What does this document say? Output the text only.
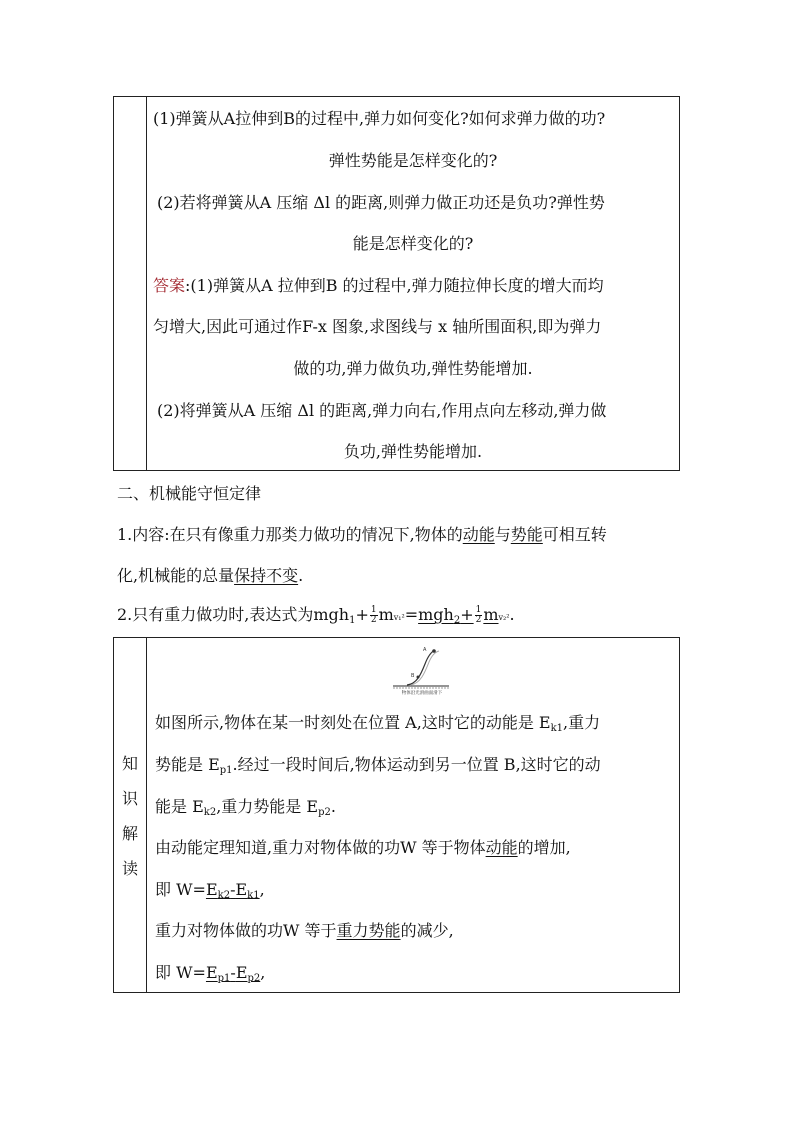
(1)弹簧从A拉伸到B的过程中,弹力如何变化?如何求弹力做的功?
弹性势能是怎样变化的?
(2)若将弹簧从A 压缩 Δl 的距离,则弹力做正功还是负功?弹性势
能是怎样变化的?
答案:(1)弹簧从A 拉伸到B 的过程中,弹力随拉伸长度的增大而均
匀增大,因此可通过作F-x 图象,求图线与 x 轴所围面积,即为弹力
做的功,弹力做负功,弹性势能增加.
(2)将弹簧从A 压缩 Δl 的距离,弹力向右,作用点向左移动,弹力做
负功,弹性势能增加.
二、机械能守恒定律
1.内容:在只有像重力那类力做功的情况下,物体的动能与势能可相互转
化,机械能的总量保持不变.
2.只有重力做功时,表达式为$mgh_1+ \frac{1}{2} mv_1^2=mgh_2+ \frac{1}{2} mv_2^2$.
知
识
解
读
A
B
物体沿光滑曲面滑下
如图所示,物体在某一时刻处在位置 A,这时它的动能是 $E_{k1}$,重力
势能是 $E_{p1}$.经过一段时间后,物体运动到另一位置 B,这时它的动
能是 $E_{k2}$,重力势能是 $E_{p2}$.
由动能定理知道,重力对物体做的功W 等于物体动能的增加,
即 $W=E_{k2}-E_{k1}$,
重力对物体做的功W 等于重力势能的减少,
即 $W=E_{p1}-E_{p2}$,
